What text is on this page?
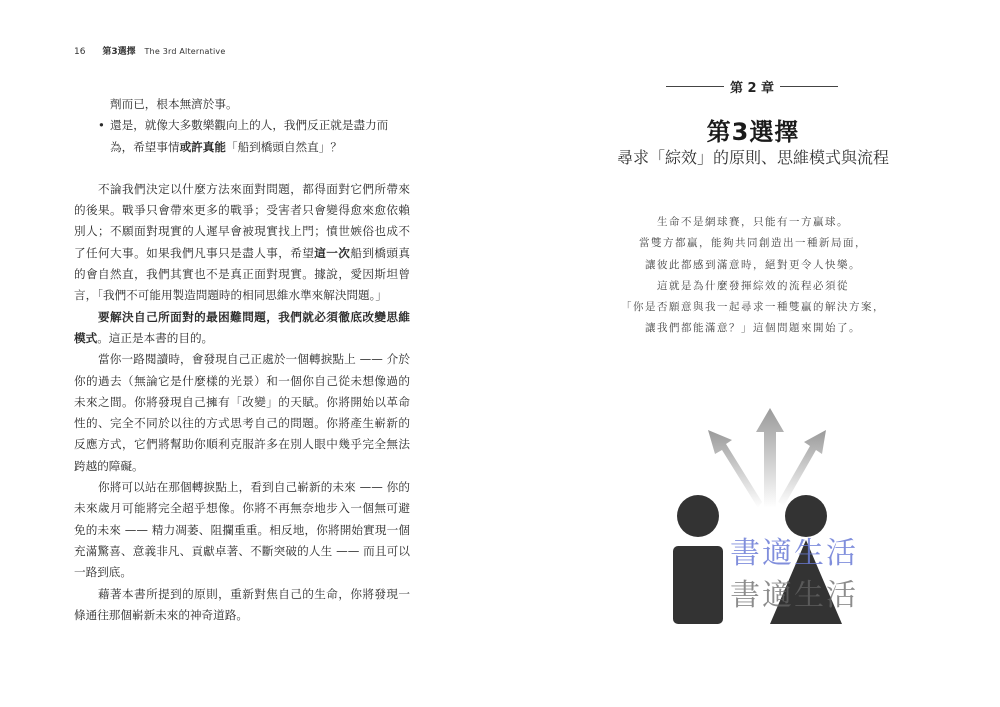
16 第3選擇 The 3rd Alternative

劑而已，根本無濟於事。

• 還是，就像大多數樂觀向上的人，我們反正就是盡力而

為，希望事情或許真能「船到橋頭自然直」？

不論我們決定以什麼方法來面對問題，都得面對它們所帶來的後果。戰爭只會帶來更多的戰爭；受害者只會變得愈來愈依賴別人；不願面對現實的人遲早會被現實找上門；憤世嫉俗也成不了任何大事。如果我們凡事只是盡人事，希望這一次船到橋頭真的會自然直，我們其實也不是真正面對現實。據說，愛因斯坦曾言，「我們不可能用製造問題時的相同思維水準來解決問題。」

要解決自己所面對的最困難問題，我們就必須徹底改變思維模式。這正是本書的目的。

當你一路閱讀時，會發現自己正處於一個轉捩點上 —— 介於你的過去（無論它是什麼樣的光景）和一個你自己從未想像過的未來之間。你將發現自己擁有「改變」的天賦。你將開始以革命性的、完全不同於以往的方式思考自己的問題。你將產生嶄新的反應方式，它們將幫助你順利克服許多在別人眼中幾乎完全無法跨越的障礙。

你將可以站在那個轉捩點上，看到自己嶄新的未來 —— 你的未來歲月可能將完全超乎想像。你將不再無奈地步入一個無可避免的未來 —— 精力凋萎、阻攔重重。相反地，你將開始實現一個充滿驚喜、意義非凡、貢獻卓著、不斷突破的人生 —— 而且可以一路到底。

藉著本書所提到的原則，重新對焦自己的生命，你將發現一條通往那個嶄新未來的神奇道路。

第 2 章
第3選擇
尋求「綜效」的原則、思維模式與流程
生命不是網球賽，只能有一方贏球。
當雙方都贏，能夠共同創造出一種新局面，
讓彼此都感到滿意時，絕對更令人快樂。
這就是為什麼發揮綜效的流程必須從
「你是否願意與我一起尋求一種雙贏的解決方案，
讓我們都能滿意？」這個問題來開始了。
書適生活
書適生活
